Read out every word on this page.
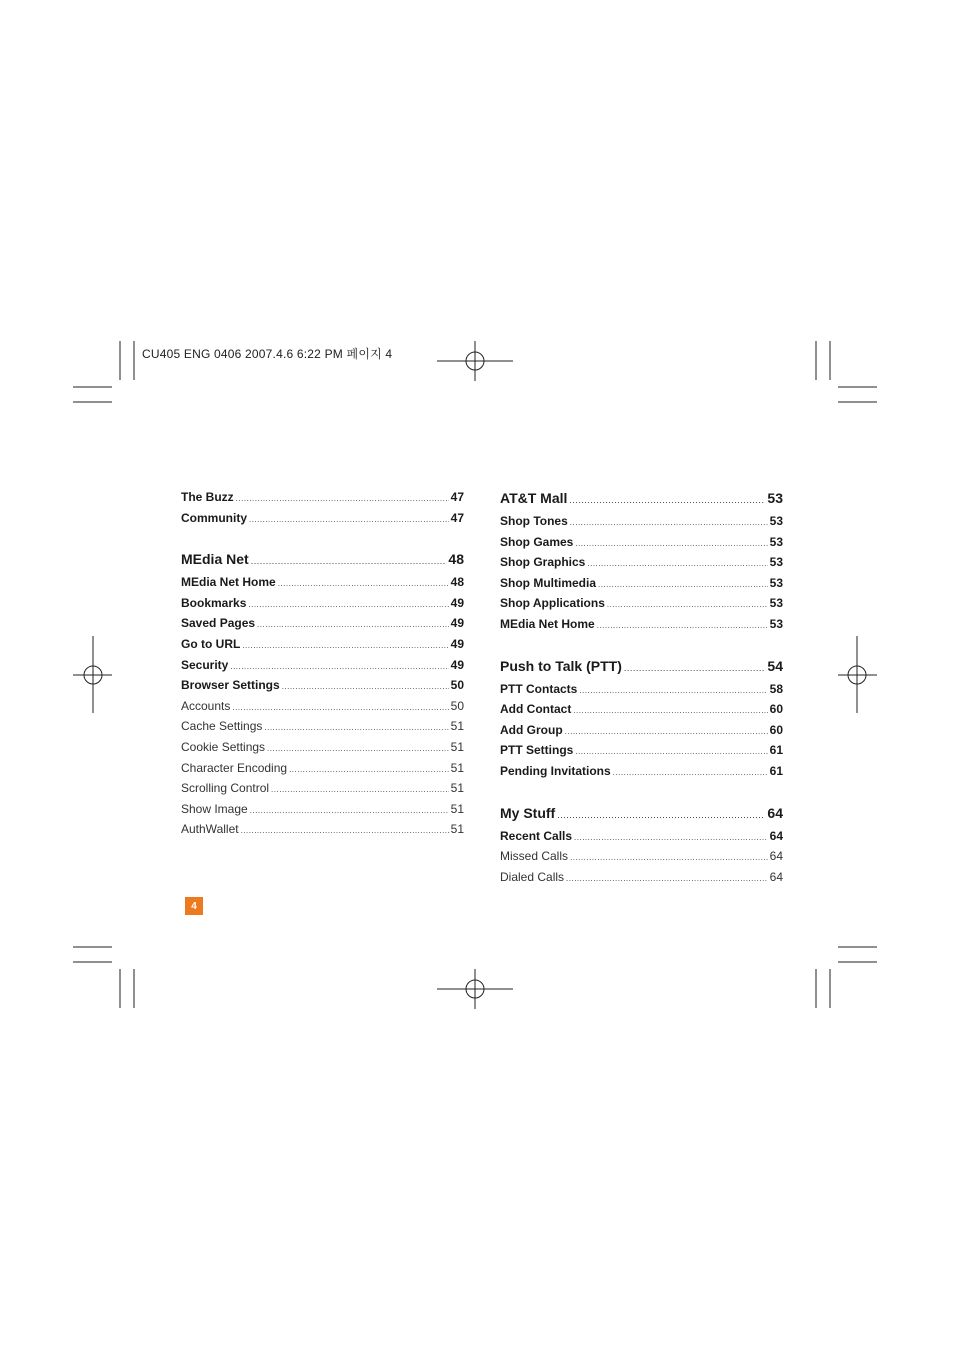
CU405 ENG 0406 2007.4.6 6:22 PM 페이지 4
The Buzz .....	47
Community .....	47
MEdia Net .....	48
MEdia Net Home .....	48
Bookmarks .....	49
Saved Pages .....	49
Go to URL .....	49
Security .....	49
Browser Settings .....	50
Accounts .....	50
Cache Settings .....	51
Cookie Settings .....	51
Character Encoding .....	51
Scrolling Control .....	51
Show Image .....	51
AuthWallet .....	51
AT&T Mall .....	53
Shop Tones .....	53
Shop Games .....	53
Shop Graphics .....	53
Shop Multimedia .....	53
Shop Applications .....	53
MEdia Net Home .....	53
Push to Talk (PTT) .....	54
PTT Contacts .....	58
Add Contact .....	60
Add Group .....	60
PTT Settings .....	61
Pending Invitations .....	61
My Stuff .....	64
Recent Calls .....	64
Missed Calls .....	64
Dialed Calls .....	64
4
